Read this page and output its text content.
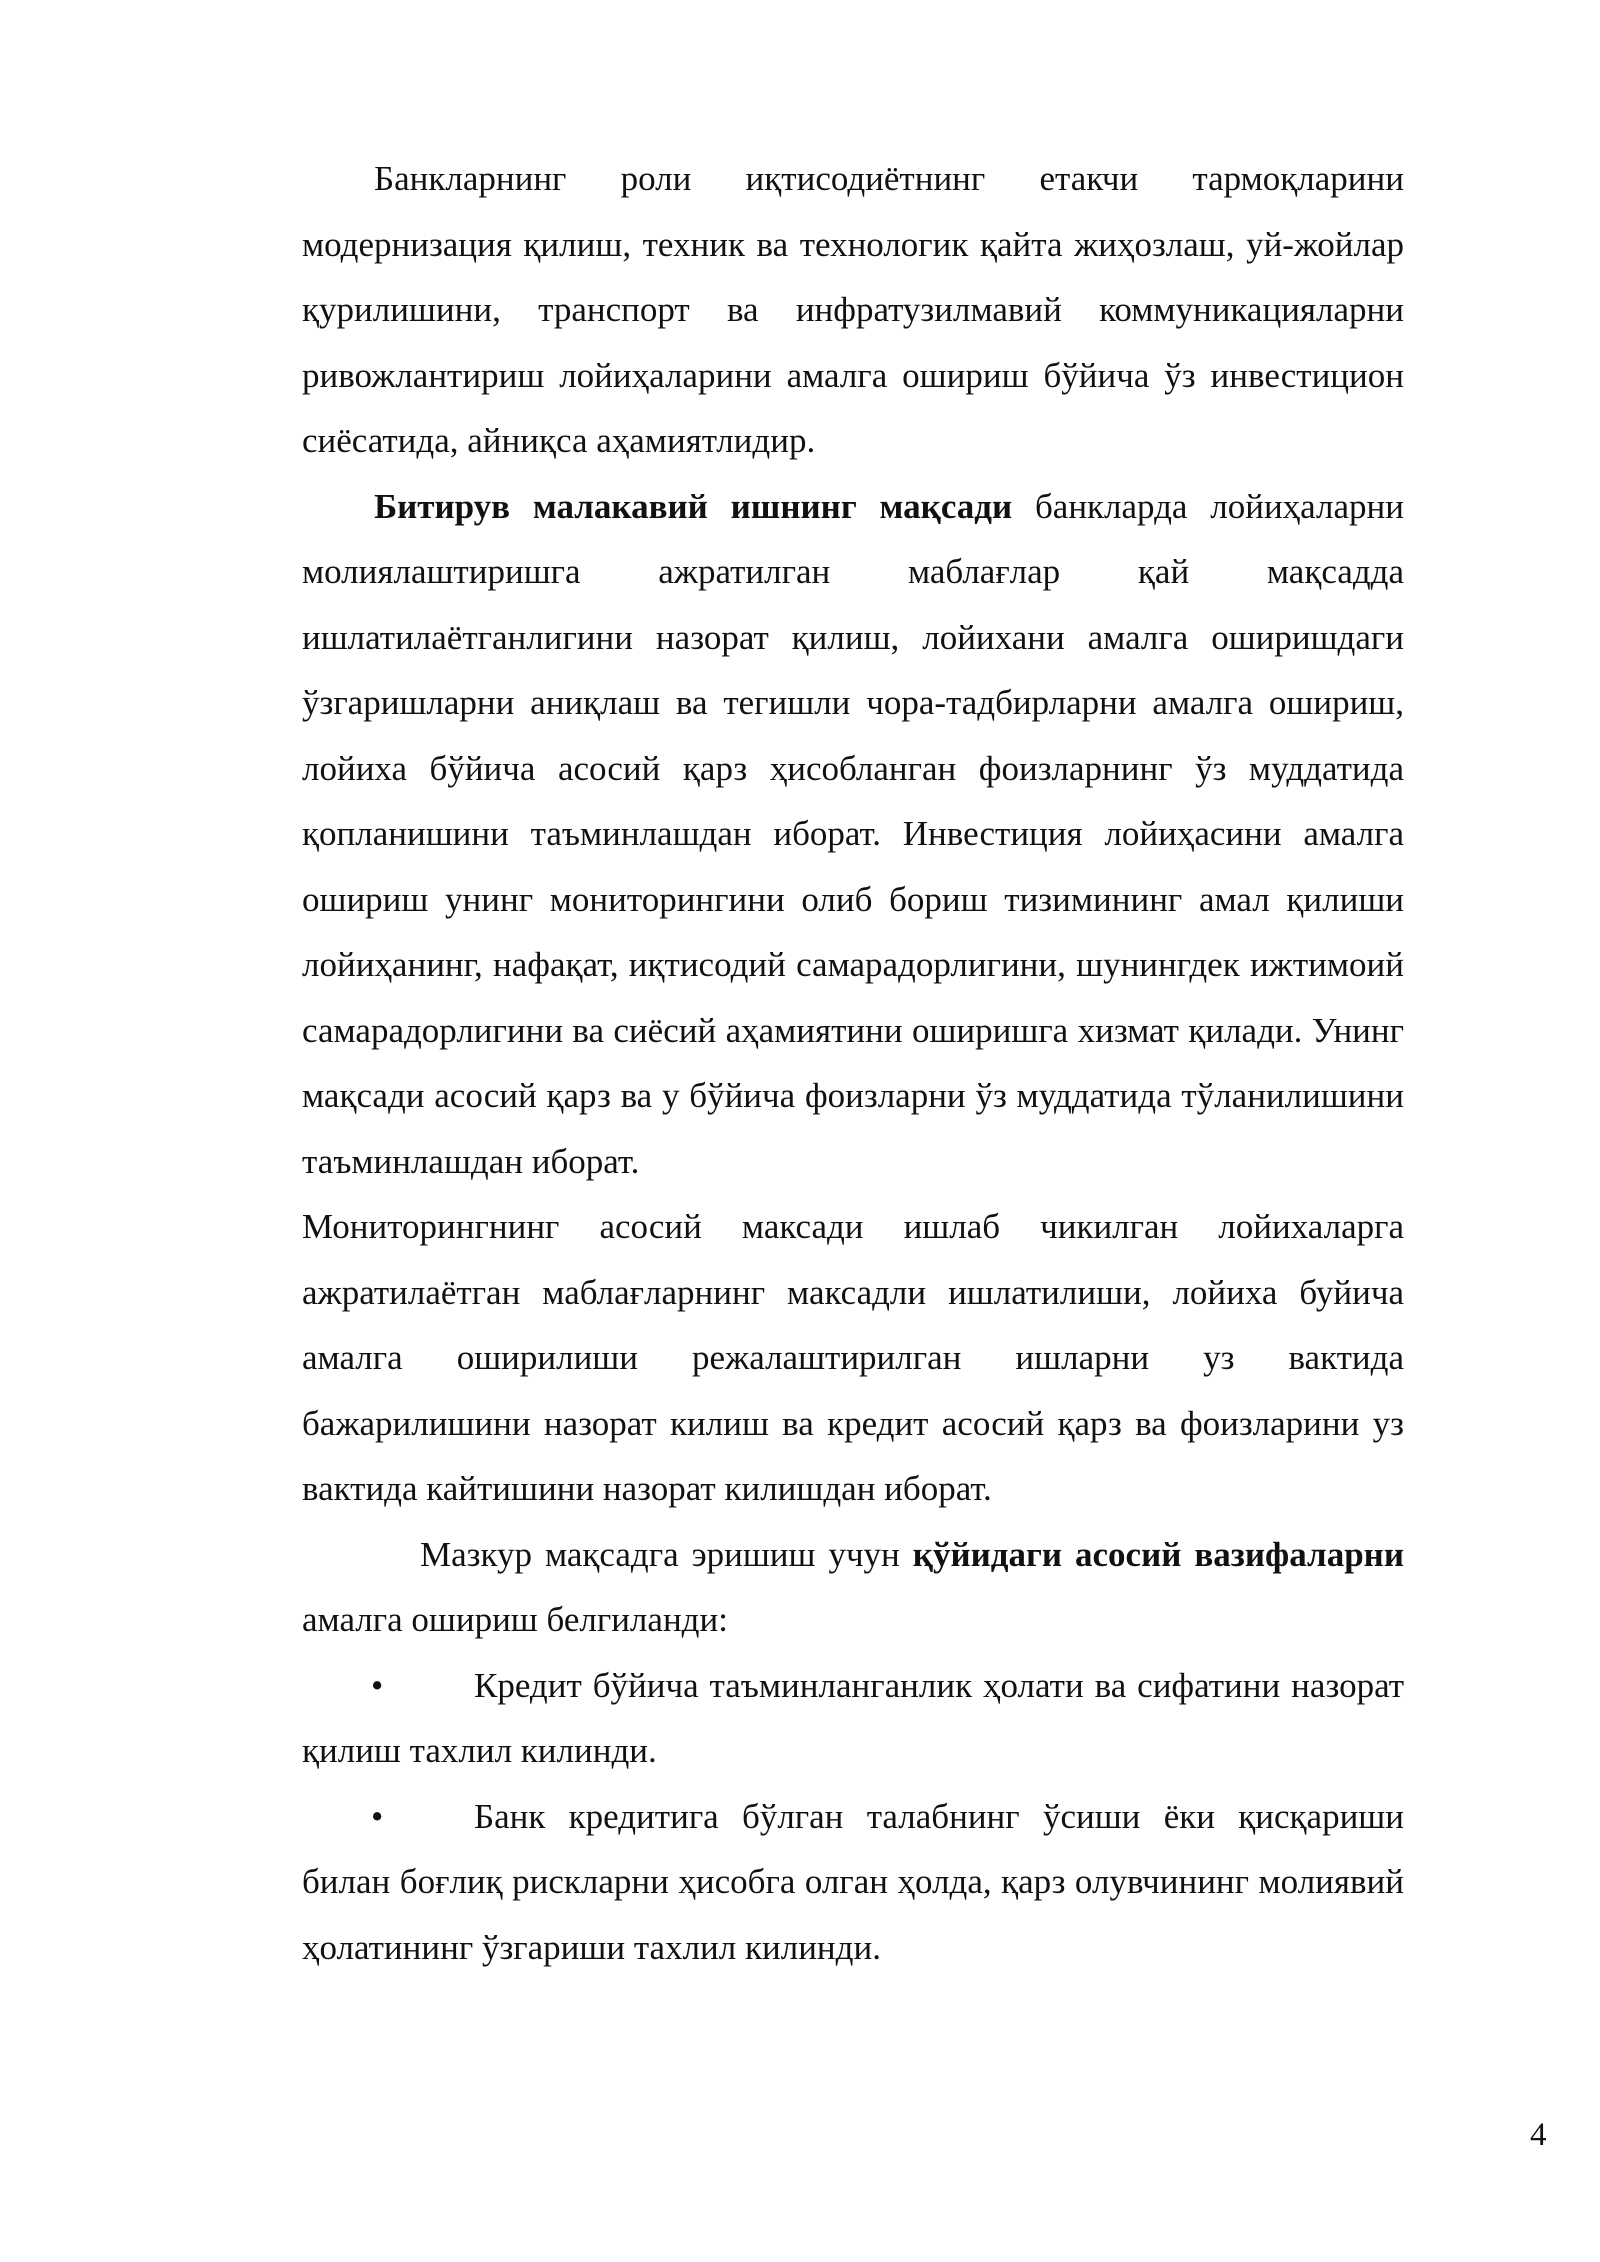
Банкларнинг роли иқтисодиётнинг етакчи тармоқларини модернизация қилиш, техник ва технологик қайта жиҳозлаш, уй-жойлар қурилишини, транспорт ва инфратузилмавий коммуникацияларни ривожлантириш лойиҳаларини амалга ошириш бўйича ўз инвестицион сиёсатида, айниқса аҳамиятлидир.

Битирув малакавий ишнинг мақсади банкларда лойиҳаларни молиялаштиришга ажратилган маблағлар қай мақсадда ишлатилаётганлигини назорат қилиш, лойихани амалга оширишдаги ўзгаришларни аниқлаш ва тегишли чора-тадбирларни амалга ошириш, лойиха бўйича асосий қарз ҳисобланган фоизларнинг ўз муддатида қопланишини таъминлашдан иборат. Инвестиция лойиҳасини амалга ошириш унинг мониторингини олиб бориш тизимининг амал қилиши лойиҳанинг, нафақат, иқтисодий самарадорлигини, шунингдек ижтимоий самарадорлигини ва сиёсий аҳамиятини оширишга хизмат қилади. Унинг мақсади асосий қарз ва у бўйича фоизларни ўз муддатида тўланилишини таъминлашдан иборат.

Мониторингнинг асосий максади ишлаб чикилган лойихаларга ажратилаётган маблағларнинг максадли ишлатилиши, лойиха буйича амалга оширилиши режалаштирилган ишларни уз вактида бажарилишини назорат килиш ва кредит асосий қарз ва фоизларини уз вактида кайтишини назорат килишдан иборат.

Мазкур мақсадга эришиш учун қўйидаги асосий вазифаларни амалга ошириш белгиланди:

•	Кредит бўйича таъминланганлик ҳолати ва сифатини назорат қилиш тахлил килинди.

•	Банк кредитига бўлган талабнинг ўсиши ёки қисқариши билан боғлиқ рискларни ҳисобга олган ҳолда, қарз олувчининг молиявий ҳолатининг ўзгариши тахлил килинди.

4
